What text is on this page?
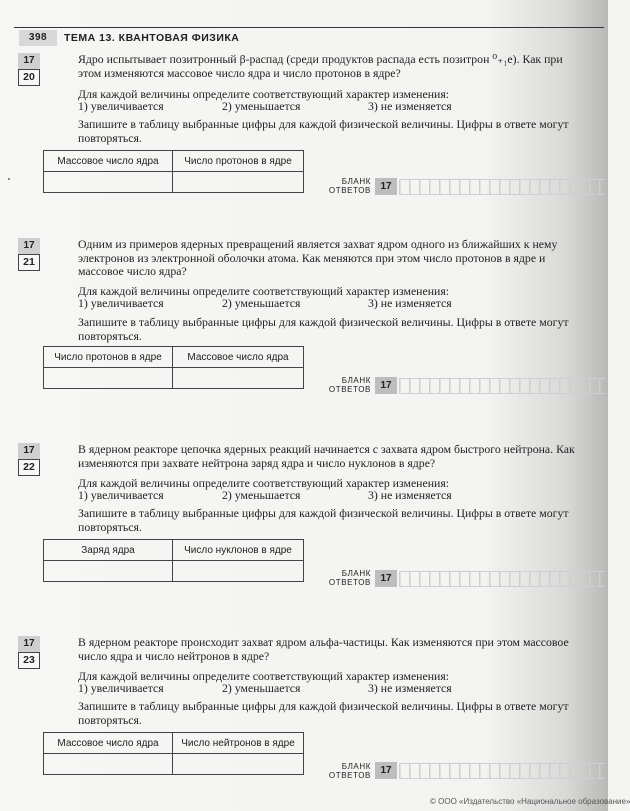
398	ТЕМА 13. КВАНТОВАЯ ФИЗИКА
17
20
Ядро испытывает позитронный β-распад (среди продуктов распада есть позитрон ⁰₊₁e). Как при этом изменяются массовое число ядра и число протонов в ядре?
Для каждой величины определите соответствующий характер изменения:
1) увеличивается	2) уменьшается	3) не изменяется
Запишите в таблицу выбранные цифры для каждой физической величины. Цифры в ответе могут повторяться.
Массовое число ядра	Число протонов в ядре

БЛАНК
ОТВЕТОВ 17
17
21
Одним из примеров ядерных превращений является захват ядром одного из ближайших к нему электронов из электронной оболочки атома. Как меняются при этом число протонов в ядре и массовое число ядра?
Для каждой величины определите соответствующий характер изменения:
1) увеличивается	2) уменьшается	3) не изменяется
Запишите в таблицу выбранные цифры для каждой физической величины. Цифры в ответе могут повторяться.
Число протонов в ядре	Массовое число ядра

БЛАНК
ОТВЕТОВ 17
17
22
В ядерном реакторе цепочка ядерных реакций начинается с захвата ядром быстрого нейтрона. Как изменяются при захвате нейтрона заряд ядра и число нуклонов в ядре?
Для каждой величины определите соответствующий характер изменения:
1) увеличивается	2) уменьшается	3) не изменяется
Запишите в таблицу выбранные цифры для каждой физической величины. Цифры в ответе могут повторяться.
Заряд ядра	Число нуклонов в ядре

БЛАНК
ОТВЕТОВ 17
17
23
В ядерном реакторе происходит захват ядром альфа-частицы. Как изменяются при этом массовое число ядра и число нейтронов в ядре?
Для каждой величины определите соответствующий характер изменения:
1) увеличивается	2) уменьшается	3) не изменяется
Запишите в таблицу выбранные цифры для каждой физической величины. Цифры в ответе могут повторяться.
Массовое число ядра	Число нейтронов в ядре

БЛАНК
ОТВЕТОВ 17
© ООО «Издательство «Национальное образование»
